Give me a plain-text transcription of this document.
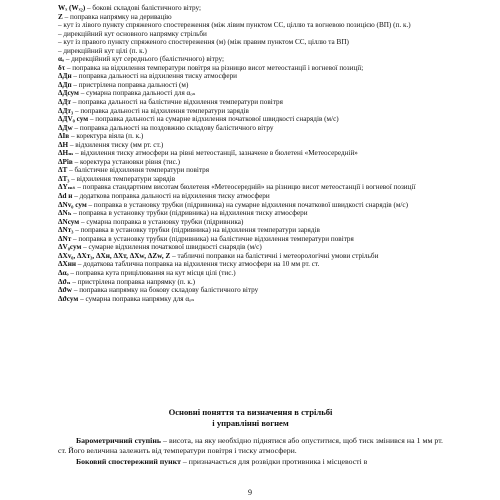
Wₓ (Wₓ₂) – бокові складові балістичного вітру;

Z – поправка напрямку на деривацію

– кут із лівого пункту спряженого спостереження (між лівим пунктом СС, ціллю та вогневою позицією (ВП) (п. к.)

– дирекційний кут основного напрямку стрільби

– кут із правого пункту спряженого спостереження (м) (між правим пунктом СС, ціллю та ВП)

– дирекційний кут цілі (п. к.)

αₒ – дирекційний кут середнього (балістичного) вітру;

δτ – поправка на відхилення температури повітря на різницю висот метеостанції і вогневої позиції;

ΔДн – поправка дальності на відхилення тиску атмосфери

ΔДп – пристрілена поправка дальності (м)

ΔДсум – сумарна поправка дальності для αₒₙ

ΔДт – поправка дальності на балістичне відхилення температури повітря

ΔДт₃ – поправка дальності на відхилення температури зарядів

ΔДV₀ сум – поправка дальності на сумарне відхилення початкової швидкості снарядів (м/с)

ΔДw – поправка дальності на поздовжню складову балістичного вітру

ΔІв – коректура віяла (п. к.)

ΔН – відхилення тиску (мм рт. ст.)

ΔНₘ – відхилення тиску атмосфери на рівні метеостанції, зазначене в бюлетені «Метеосередній»

ΔРів – коректура установки рівня (тис.)

ΔТ – балістичне відхилення температури повітря

ΔТ₃ – відхилення температури зарядів

ΔYₘₜ – поправка стандартним висотам бюлетеня «Метеосередній» на різницю висот метеостанції і вогневої позиції

Δd н – додаткова поправка дальності на відхилення тиску атмосфери

ΔNv₀ сум – поправка в установку трубки (підривника) на сумарне відхилення початкової швидкості снарядів (м/с)

ΔNₕ – поправка в установку трубки (підривника) на відхилення тиску атмосфери

ΔNсум – сумарна поправка в установку трубки (підривника)

ΔNт₃ – поправка в установку трубки (підривника) на відхилення температури зарядів

ΔNт – поправка в установку трубки (підривника) на балістичне відхилення температури повітря

ΔV₀сум – сумарне відхилення початкової швидкості снарядів (м/с)

ΔХv₀, ΔХт₃, ΔХн, ΔХт, ΔХw, ΔZw, Z – табличні поправки на балістичні і метеорологічні умови стрільби

ΔХнн – додаткова таблична поправка на відхилення тиску атмосфери на 10 мм рт. ст.

Δαₒ – поправка кута прицілювання на кут місця цілі (тис.)

Δϑₙ – пристрілена поправка напрямку (п. к.)

Δϑw – поправка напрямку на бокову складову балістичного вітру

Δϑсум – сумарна поправка напрямку для αₒₙ

Основні поняття та визначення в стрільбі
і управлінні вогнем

Барометричний ступінь – висота, на яку необхідно піднятися або опуститися, щоб тиск змінився на 1 мм рт. ст. Його величина залежить від температури повітря і тиску атмосфери.

Боковий спостережний пункт – призначається для розвідки противника і місцевості в

9
